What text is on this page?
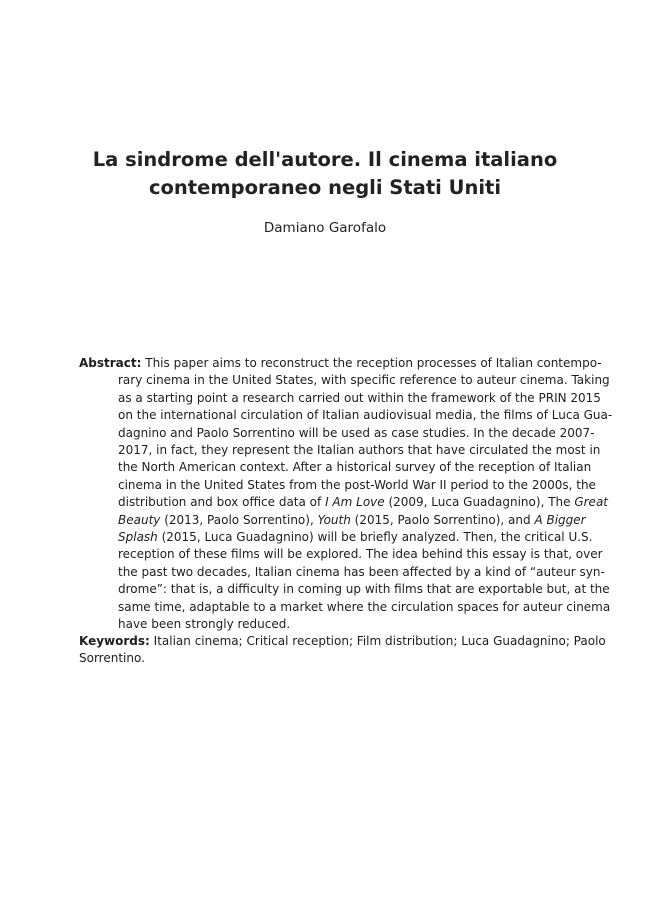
La sindrome dell'autore. Il cinema italiano
contemporaneo negli Stati Uniti
Damiano Garofalo
Abstract: This paper aims to reconstruct the reception processes of Italian contempo-
rary cinema in the United States, with specific reference to auteur cinema. Taking
as a starting point a research carried out within the framework of the PRIN 2015
on the international circulation of Italian audiovisual media, the films of Luca Gua-
dagnino and Paolo Sorrentino will be used as case studies. In the decade 2007-
2017, in fact, they represent the Italian authors that have circulated the most in
the North American context. After a historical survey of the reception of Italian
cinema in the United States from the post-World War II period to the 2000s, the
distribution and box office data of I Am Love (2009, Luca Guadagnino), The Great
Beauty (2013, Paolo Sorrentino), Youth (2015, Paolo Sorrentino), and A Bigger
Splash (2015, Luca Guadagnino) will be briefly analyzed. Then, the critical U.S.
reception of these films will be explored. The idea behind this essay is that, over
the past two decades, Italian cinema has been affected by a kind of “auteur syn-
drome”: that is, a difficulty in coming up with films that are exportable but, at the
same time, adaptable to a market where the circulation spaces for auteur cinema
have been strongly reduced.
Keywords: Italian cinema; Critical reception; Film distribution; Luca Guadagnino; Paolo
Sorrentino.
